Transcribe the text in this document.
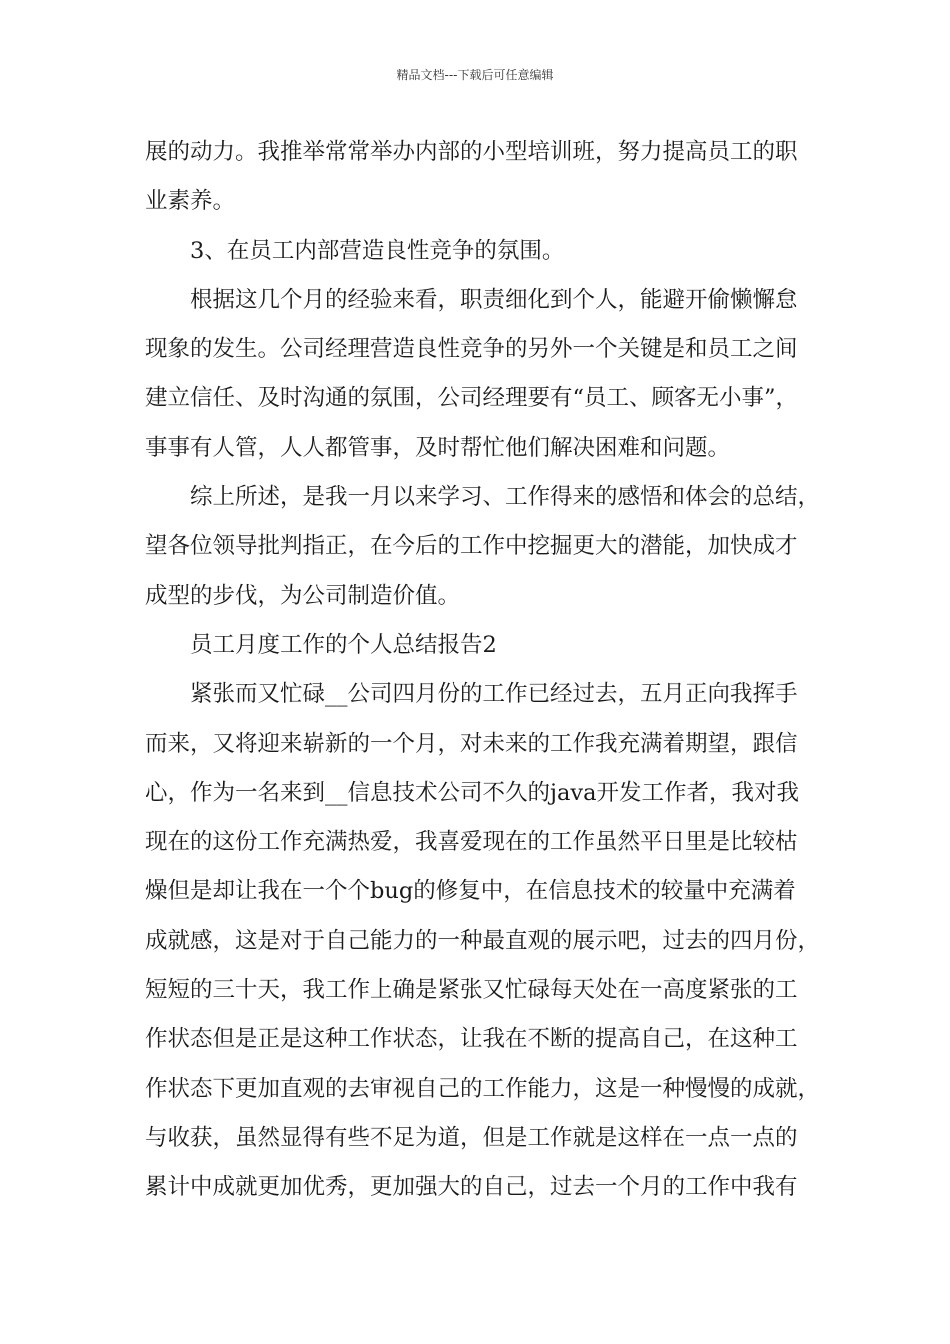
精品文档---下载后可任意编辑
展的动力。我推举常常举办内部的小型培训班，努力提高员工的职
业素养。
3、在员工内部营造良性竞争的氛围。
根据这几个月的经验来看，职责细化到个人，能避开偷懒懈怠
现象的发生。公司经理营造良性竞争的另外一个关键是和员工之间
建立信任、及时沟通的氛围，公司经理要有“员工、顾客无小事”，
事事有人管，人人都管事，及时帮忙他们解决困难和问题。
综上所述，是我一月以来学习、工作得来的感悟和体会的总结，
望各位领导批判指正，在今后的工作中挖掘更大的潜能，加快成才
成型的步伐，为公司制造价值。
员工月度工作的个人总结报告2
紧张而又忙碌__公司四月份的工作已经过去，五月正向我挥手
而来，又将迎来崭新的一个月，对未来的工作我充满着期望，跟信
心，作为一名来到__信息技术公司不久的java开发工作者，我对我
现在的这份工作充满热爱，我喜爱现在的工作虽然平日里是比较枯
燥但是却让我在一个个bug的修复中，在信息技术的较量中充满着
成就感，这是对于自己能力的一种最直观的展示吧，过去的四月份，
短短的三十天，我工作上确是紧张又忙碌每天处在一高度紧张的工
作状态但是正是这种工作状态，让我在不断的提高自己，在这种工
作状态下更加直观的去审视自己的工作能力，这是一种慢慢的成就，
与收获，虽然显得有些不足为道，但是工作就是这样在一点一点的
累计中成就更加优秀，更加强大的自己，过去一个月的工作中我有
